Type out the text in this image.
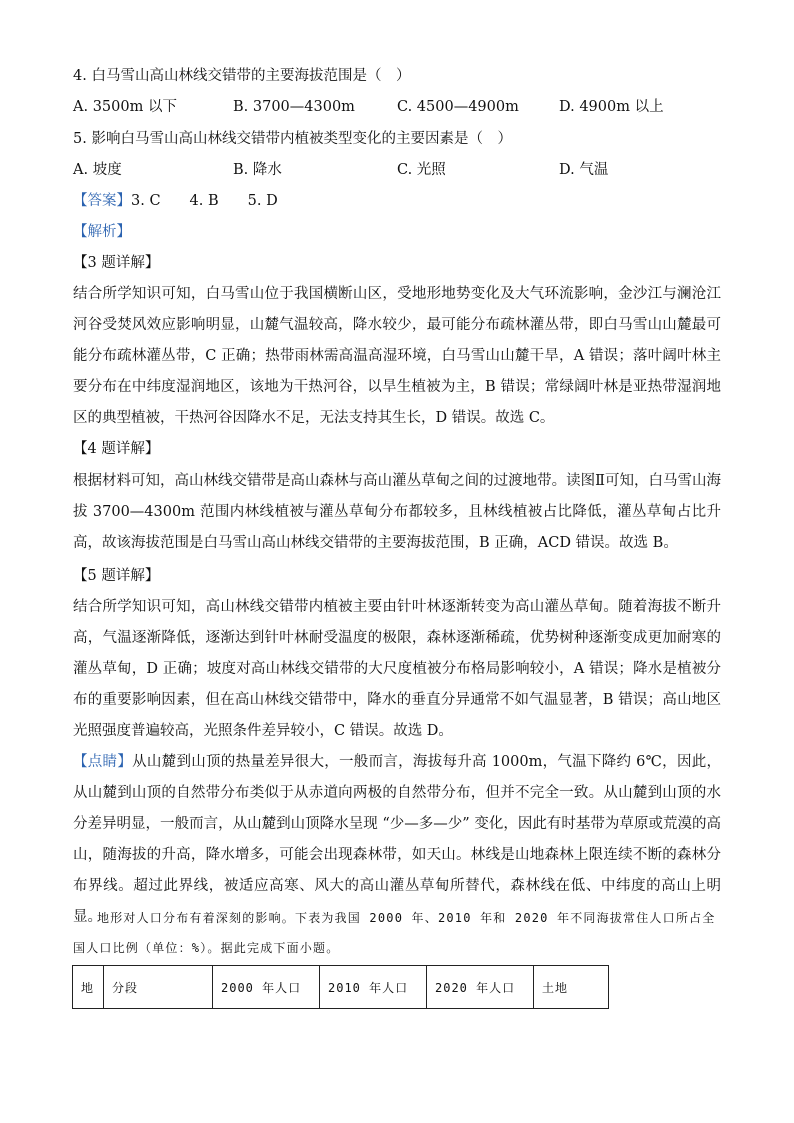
4. 白马雪山高山林线交错带的主要海拔范围是（　）
A. 3500m 以下	B. 3700—4300m	C. 4500—4900m	D. 4900m 以上
5. 影响白马雪山高山林线交错带内植被类型变化的主要因素是（　）
A. 坡度	B. 降水	C. 光照	D. 气温
【答案】3. C　　4. B　　5. D
【解析】
【3 题详解】
结合所学知识可知，白马雪山位于我国横断山区，受地形地势变化及大气环流影响，金沙江与澜沧江河谷受焚风效应影响明显，山麓气温较高，降水较少，最可能分布疏林灌丛带，即白马雪山山麓最可能分布疏林灌丛带，C 正确；热带雨林需高温高湿环境，白马雪山山麓干旱，A 错误；落叶阔叶林主要分布在中纬度湿润地区，该地为干热河谷，以旱生植被为主，B 错误；常绿阔叶林是亚热带湿润地区的典型植被，干热河谷因降水不足，无法支持其生长，D 错误。故选 C。
【4 题详解】
根据材料可知，高山林线交错带是高山森林与高山灌丛草甸之间的过渡地带。读图Ⅱ可知，白马雪山海拔 3700—4300m 范围内林线植被与灌丛草甸分布都较多，且林线植被占比降低，灌丛草甸占比升高，故该海拔范围是白马雪山高山林线交错带的主要海拔范围，B 正确，ACD 错误。故选 B。
【5 题详解】
结合所学知识可知，高山林线交错带内植被主要由针叶林逐渐转变为高山灌丛草甸。随着海拔不断升高，气温逐渐降低，逐渐达到针叶林耐受温度的极限，森林逐渐稀疏，优势树种逐渐变成更加耐寒的灌丛草甸，D 正确；坡度对高山林线交错带的大尺度植被分布格局影响较小，A 错误；降水是植被分布的重要影响因素，但在高山林线交错带中，降水的垂直分异通常不如气温显著，B 错误；高山地区光照强度普遍较高，光照条件差异较小，C 错误。故选 D。
【点睛】从山麓到山顶的热量差异很大，一般而言，海拔每升高 1000m，气温下降约 6℃，因此，从山麓到山顶的自然带分布类似于从赤道向两极的自然带分布，但并不完全一致。从山麓到山顶的水分差异明显，一般而言，从山麓到山顶降水呈现 “少—多—少” 变化，因此有时基带为草原或荒漠的高山，随海拔的升高，降水增多，可能会出现森林带，如天山。林线是山地森林上限连续不断的森林分布界线。超过此界线，被适应高寒、风大的高山灌丛草甸所替代，森林线在低、中纬度的高山上明显。
地形对人口分布有着深刻的影响。下表为我国 2000 年、2010 年和 2020 年不同海拔常住人口所占全国人口比例（单位：%）。据此完成下面小题。
地	分段	2000 年人口	2010 年人口	2020 年人口	土地
